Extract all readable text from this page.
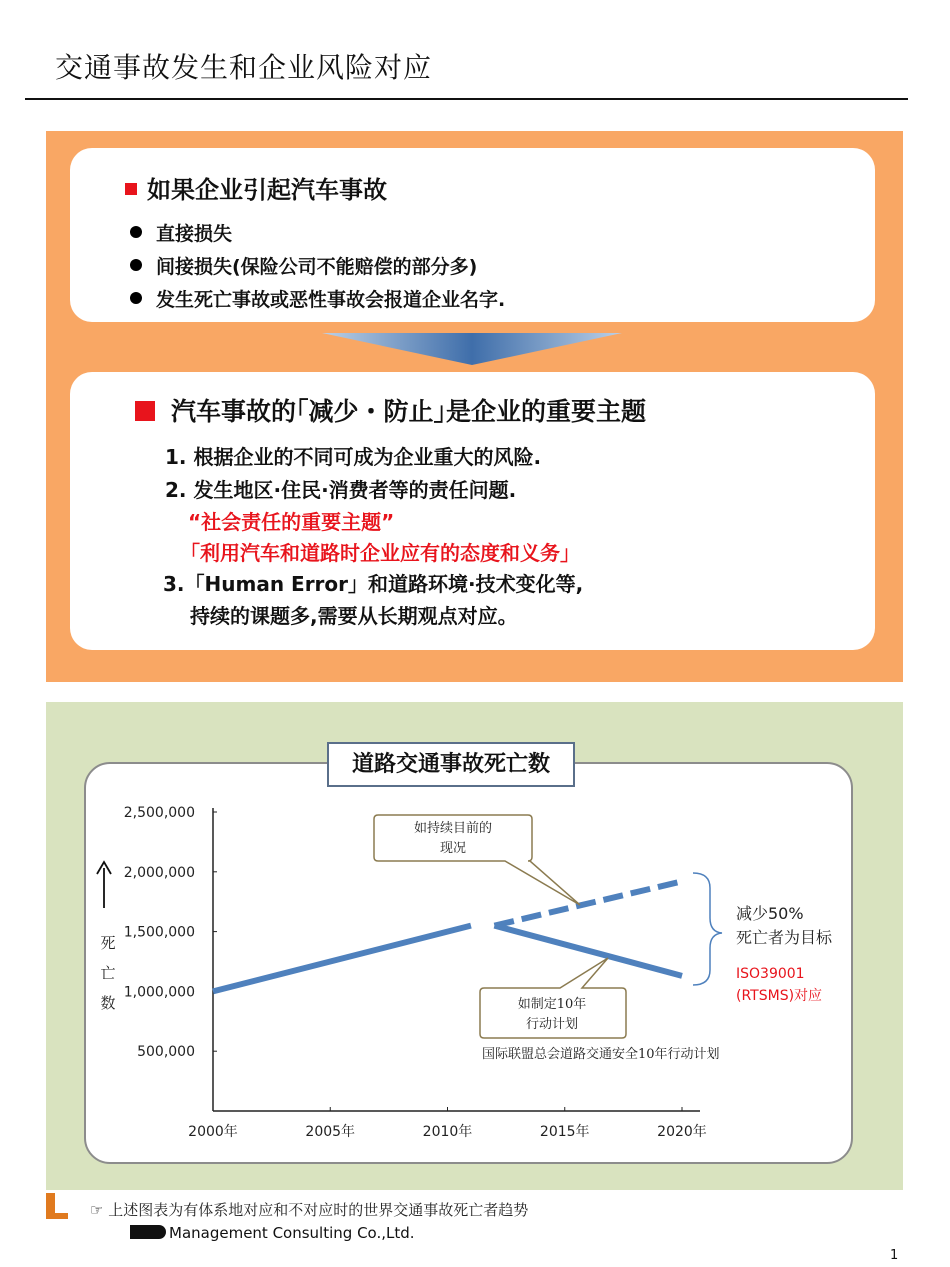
交通事故发生和企业风险对应
如果企业引起汽车事故
直接损失
间接损失(保险公司不能赔偿的部分多)
发生死亡事故或恶性事故会报道企业名字.
汽车事故的｢减少・防止｣是企业的重要主题
1. 根据企业的不同可成为企业重大的风险.
2. 发生地区·住民·消费者等的责任问题.
“社会责任的重要主题”
「利用汽车和道路时企业应有的态度和义务」
3.「Human Error」和道路环境·技术变化等,
持续的课题多,需要从长期观点对应。
死
亡
数
2,500,000
2,000,000
1,500,000
1,000,000
500,000
2000年	2005年	2010年	2015年	2020年
如持续目前的
现况
如制定10年
行动计划
减少50%
死亡者为目标
ISO39001
(RTSMS)对应
国际联盟总会道路交通安全10年行动计划
道路交通事故死亡数
☞ 上述图表为有体系地对应和不对应时的世界交通事故死亡者趋势
Management Consulting Co.,Ltd.
1
